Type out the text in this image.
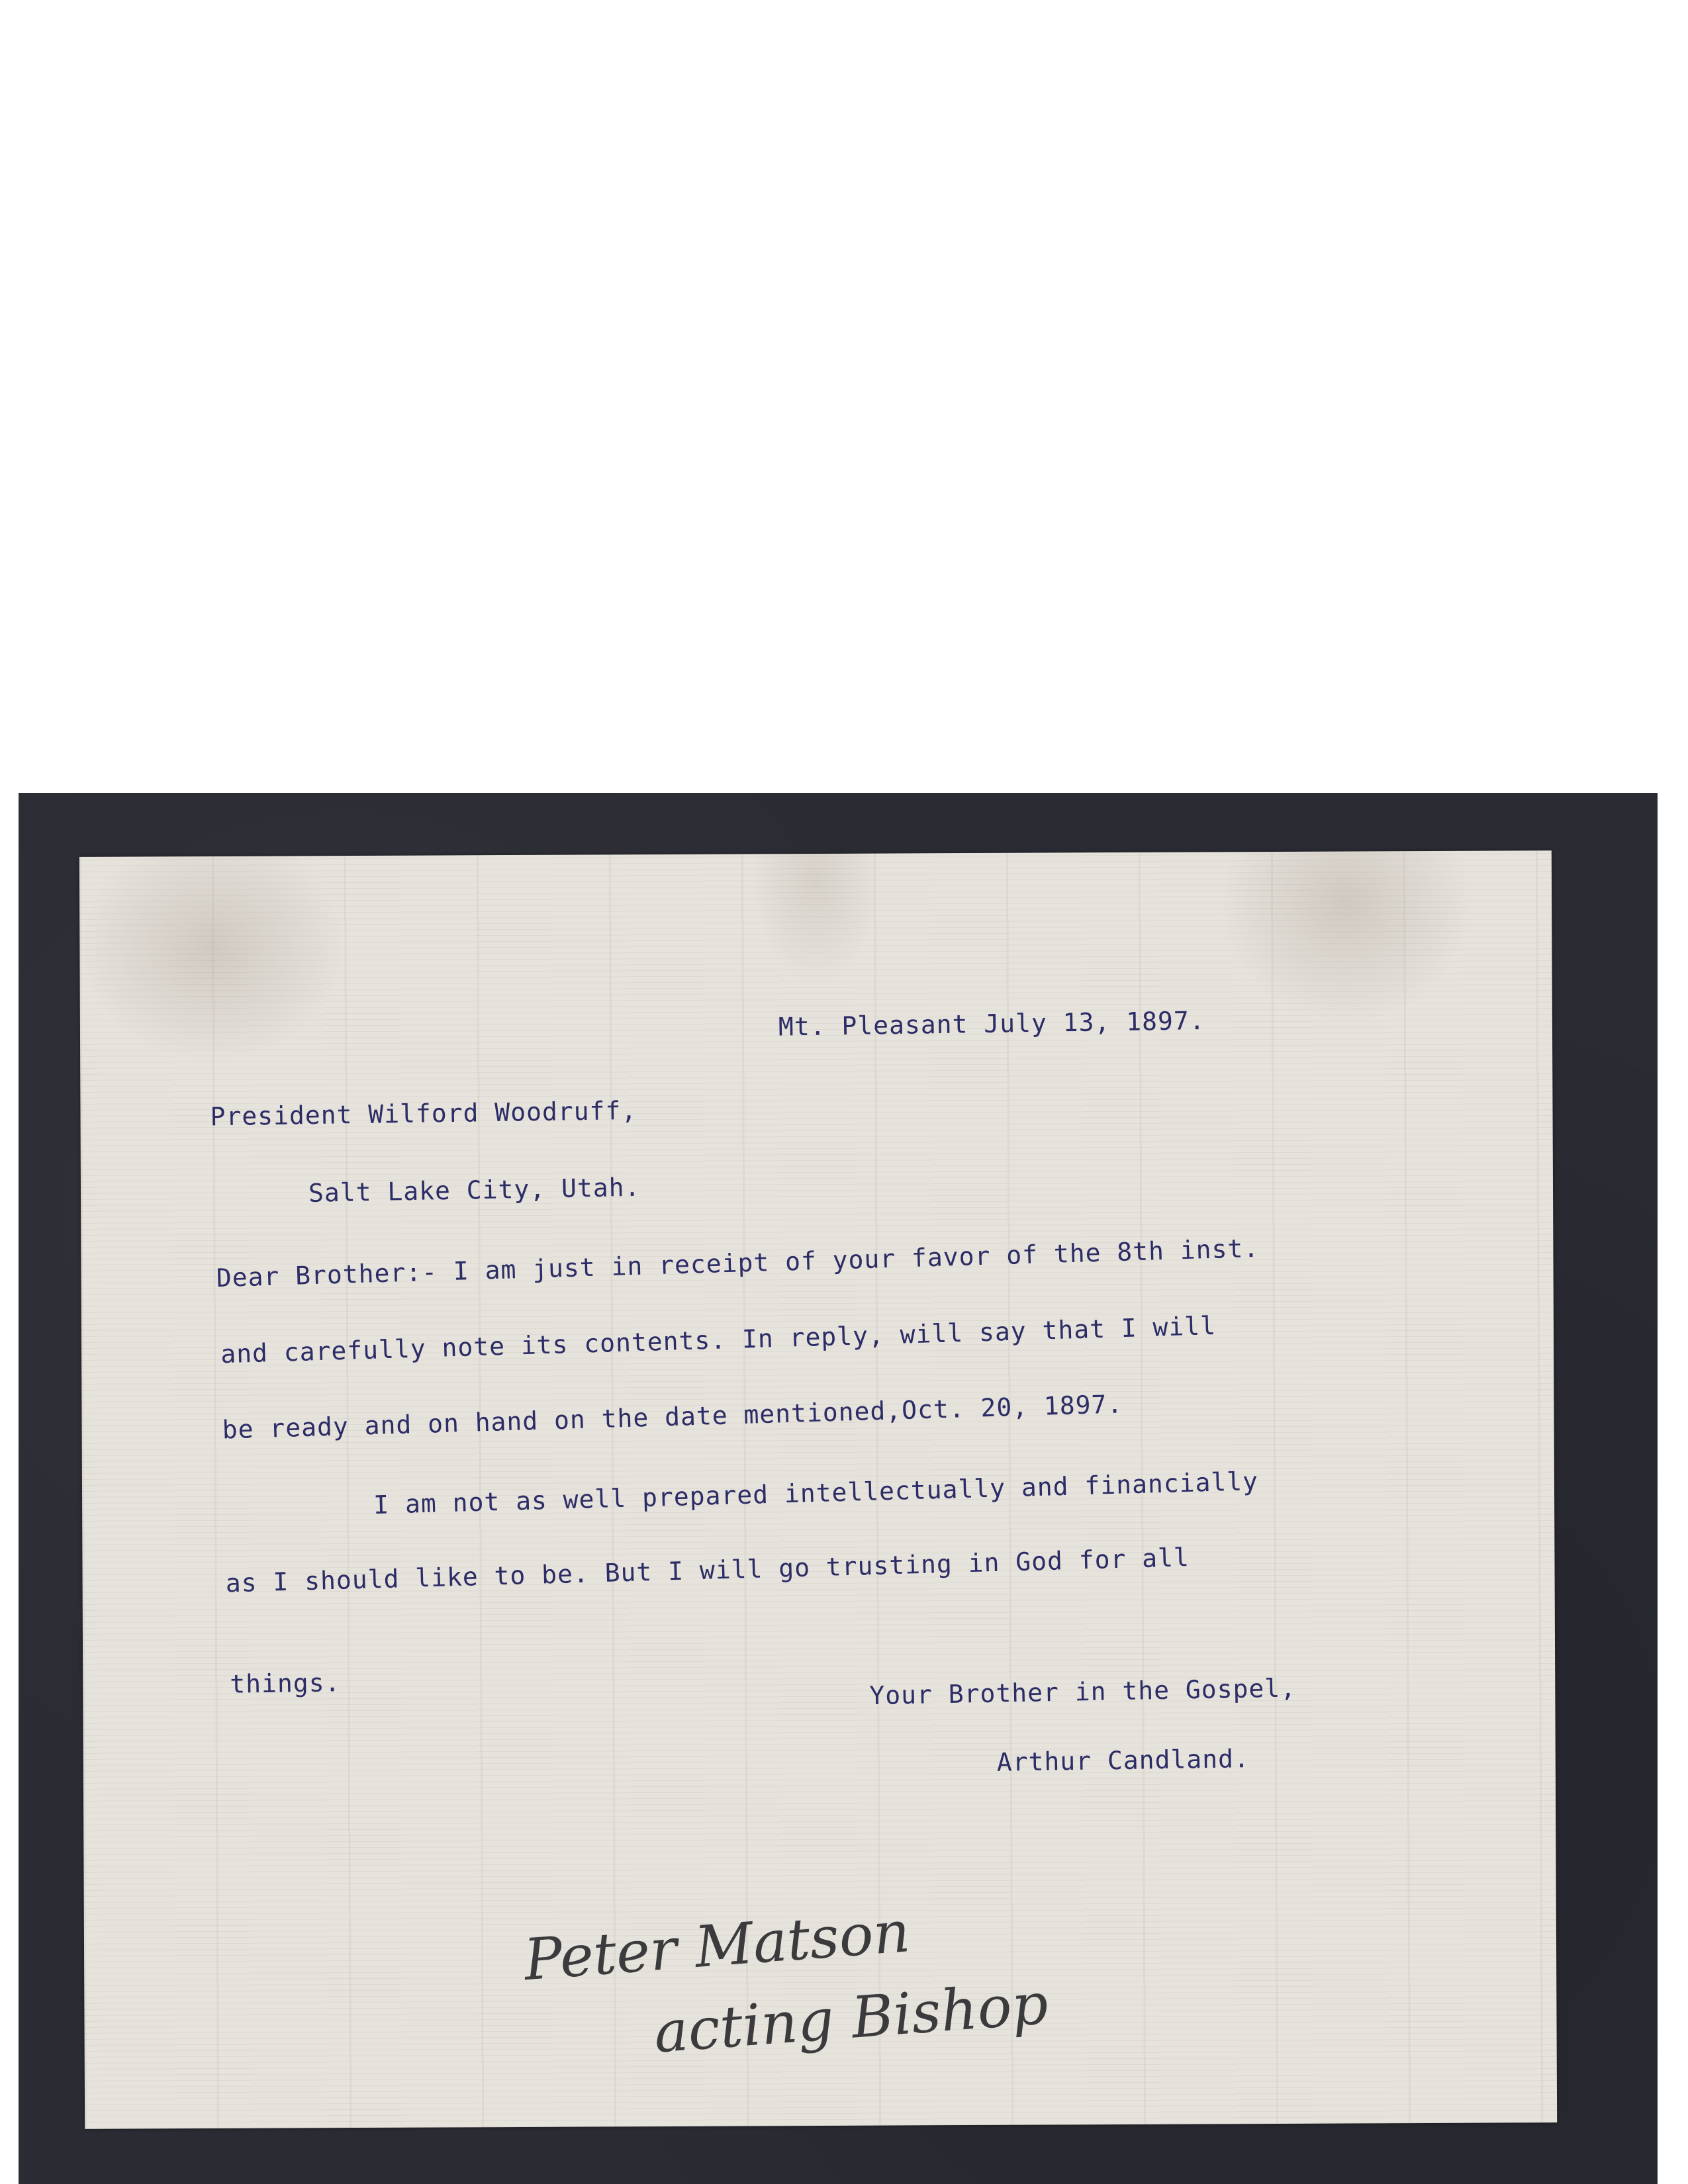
Mt. Pleasant July 13, 1897.
President Wilford Woodruff,
Salt Lake City, Utah.
Dear Brother:- I am just in receipt of your favor of the 8th inst.
and carefully note its contents. In reply, will say that I will
be ready and on hand on the date mentioned,Oct. 20, 1897.
I am not as well prepared intellectually and financially
as I should like to be. But I will go trusting in God for all
things.	Your Brother in the Gospel,
Arthur Candland.
Peter Matson
acting Bishop
